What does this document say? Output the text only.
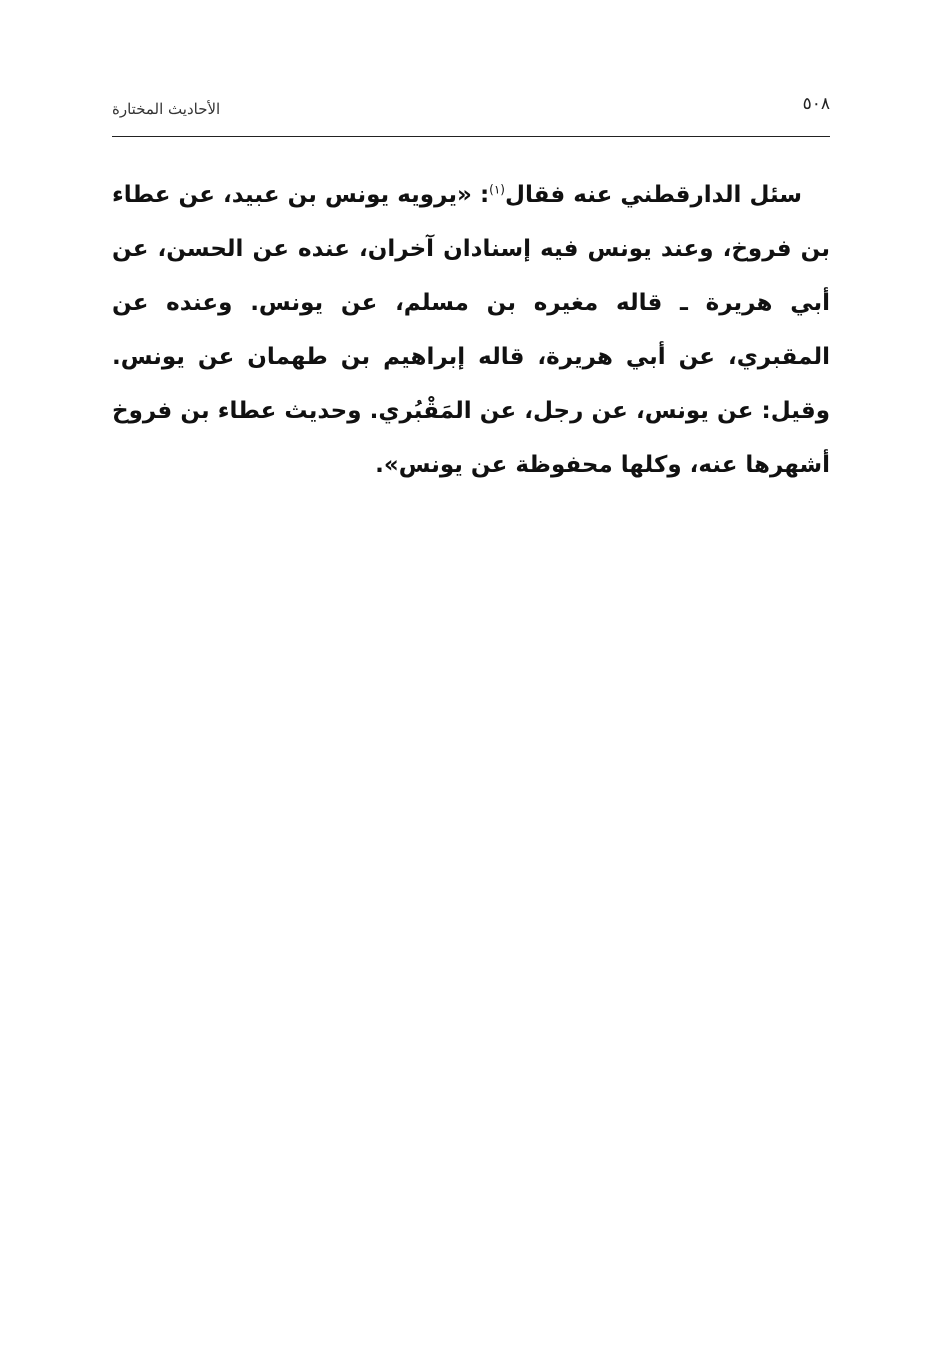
الأحاديث المختارة	٥٠٨
سئل الدارقطني عنه فقال$^{(١)}$: «يرويه يونس بن عبيد، عن عطاء بن فروخ، وعند يونس فيه إسنادان آخران، عنده عن الحسن، عن أبي هريرة ـ قاله مغيره بن مسلم، عن يونس. وعنده عن المقبري، عن أبي هريرة، قاله إبراهيم بن طهمان عن يونس. وقيل: عن يونس، عن رجل، عن المَقْبُري. وحديث عطاء بن فروخ أشهرها عنه، وكلها محفوظة عن يونس».
